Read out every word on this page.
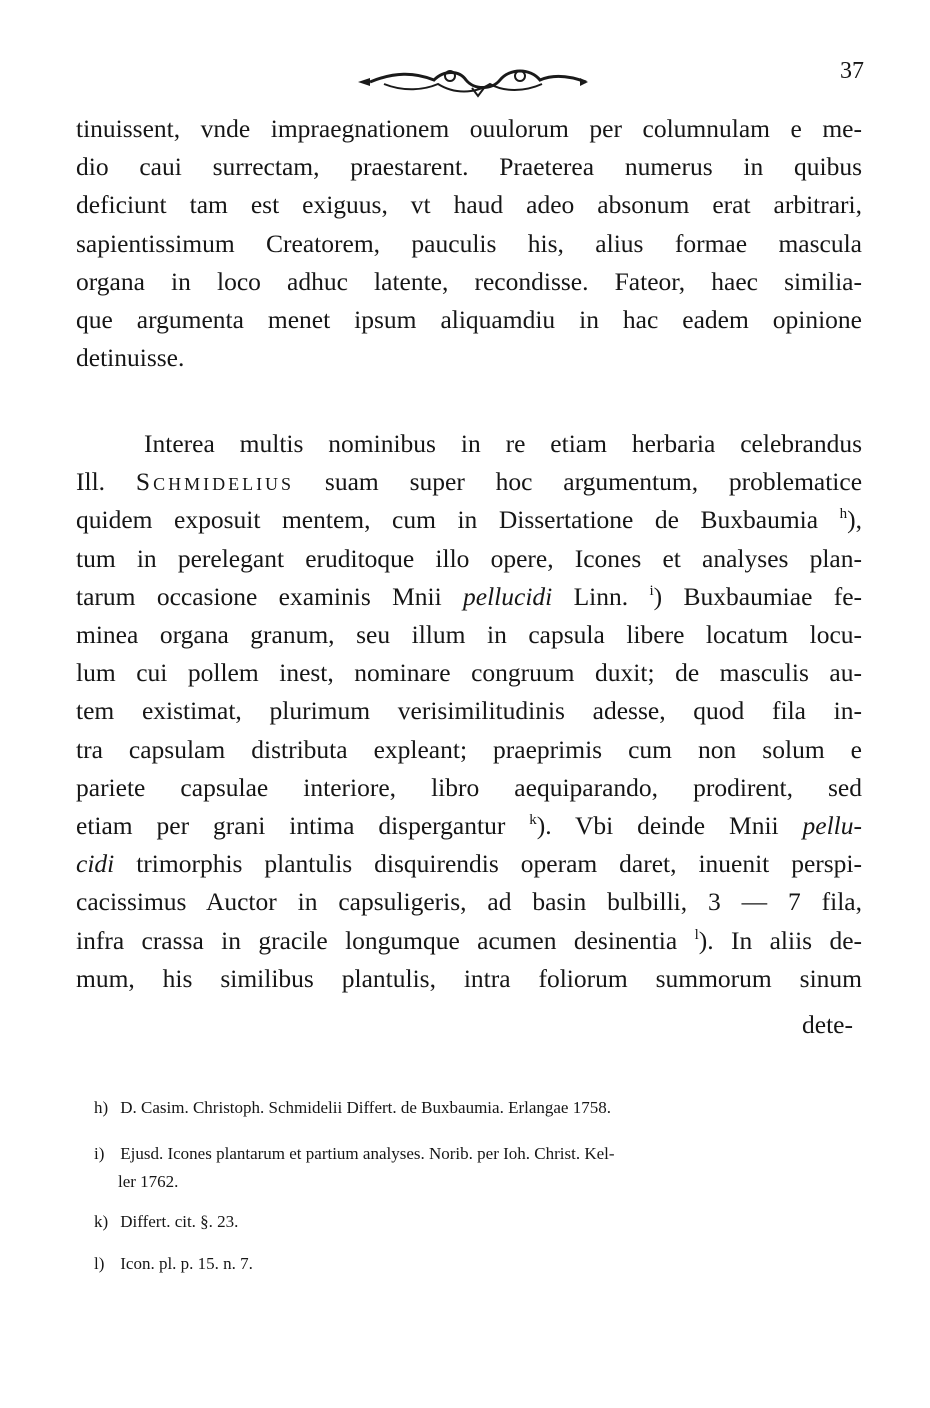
37
tinuissent, vnde impraegnationem ouulorum per columnulam e me-
dio caui surrectam, praestarent. Praeterea numerus in quibus
deficiunt tam est exiguus, vt haud adeo absonum erat arbitrari,
sapientissimum Creatorem, pauculis his, alius formae mascula
organa in loco adhuc latente, recondisse. Fateor, haec similia-
que argumenta menet ipsum aliquamdiu in hac eadem opinione
detinuisse.
Interea multis nominibus in re etiam herbaria celebrandus
Ill. Schmidelius suam super hoc argumentum, problematice
quidem exposuit mentem, cum in Dissertatione de Buxbaumia $^h$),
tum in perelegant eruditoque illo opere, Icones et analyses plan-
tarum occasione examinis Mnii pellucidi Linn. $^i$) Buxbaumiae fe-
minea organa granum, seu illum in capsula libere locatum locu-
lum cui pollem inest, nominare congruum duxit; de masculis au-
tem existimat, plurimum verisimilitudinis adesse, quod fila in-
tra capsulam distributa expleant; praeprimis cum non solum e
pariete capsulae interiore, libro aequiparando, prodirent, sed
etiam per grani intima dispergantur $^k$). Vbi deinde Mnii pellu-
cidi trimorphis plantulis disquirendis operam daret, inuenit perspi-
cacissimus Auctor in capsuligeris, ad basin bulbilli, 3 — 7 fila,
infra crassa in gracile longumque acumen desinentia $^l$). In aliis de-
mum, his similibus plantulis, intra foliorum summorum sinum
dete-
h) D. Casim. Christoph. Schmidelii Differt. de Buxbaumia. Erlangae 1758.
i) Ejusd. Icones plantarum et partium analyses. Norib. per Ioh. Christ. Kel-
ler 1762.
k) Differt. cit. §. 23.
l) Icon. pl. p. 15. n. 7.
